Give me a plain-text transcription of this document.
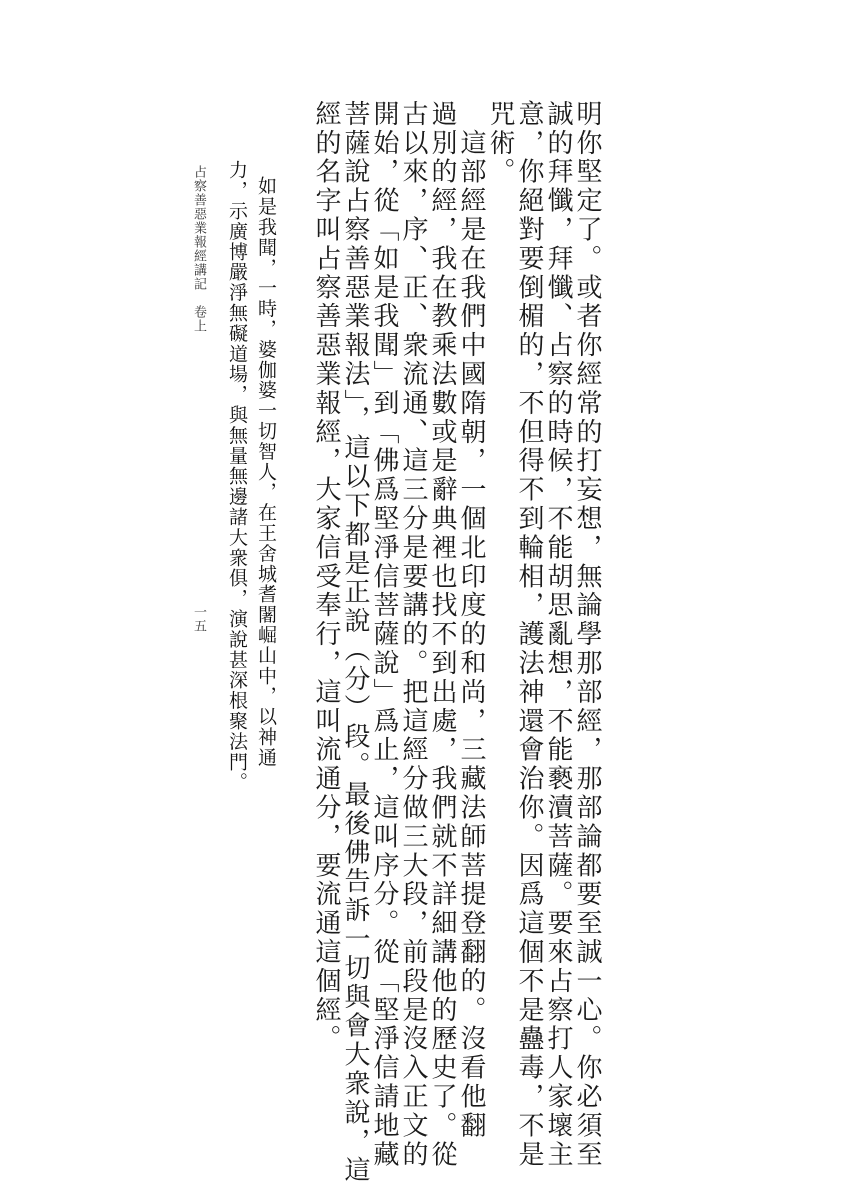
明你堅定了。或者你經常的打妄想，無論學那部經，那部論都要至誠一心。你必須至
誠的拜懺，拜懺、占察的時候，不能胡思亂想，不能褻瀆菩薩。要來占察打人家壞主
意，你絕對要倒楣的，不但得不到輪相，護法神還會治你。因爲這個不是蠱毒，不是
咒術。
　這部經是在我們中國隋朝，一個北印度的和尚，三藏法師菩提登翻的。沒看他翻
過別的經，我在教乘法數或是辭典裡也找不到出處，我們就不詳細講他的歷史了。從
古以來，序、正、衆流通、這三分是要講的。把這經分做三大段，前段是沒入正文的
開始，從「如是我聞」到「佛爲堅淨信菩薩說」爲止，這叫序分。從「堅淨信請地藏
菩薩說占察善惡業報法」，這以下都是正說（分）段。最後佛告訴一切與會大衆說，這
經的名字叫占察善惡業報經，大家信受奉行，這叫流通分，要流通這個經。
如是我聞，一時，婆伽婆一切智人，在王舍城耆闍崛山中，以神通
力，示廣博嚴淨無礙道場，與無量無邊諸大衆俱，演說甚深根聚法門。
占察善惡業報經講記　卷上
一五
